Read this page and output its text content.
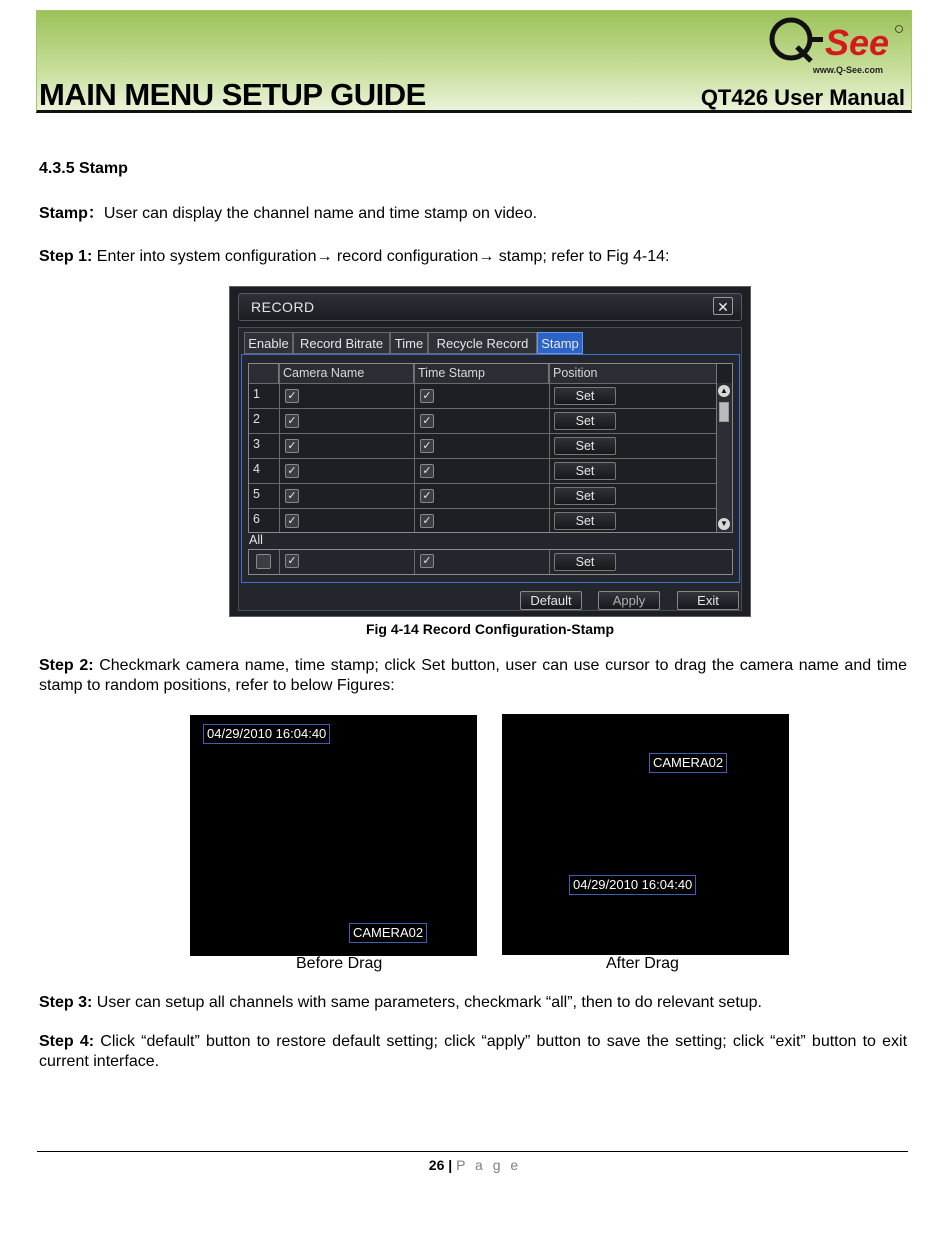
See
www.Q-See.com
MAIN MENU SETUP GUIDE	QT426 User Manual
4.3.5 Stamp
Stamp：User can display the channel name and time stamp on video.
Step 1: Enter into system configuration→ record configuration→ stamp; refer to Fig 4-14:
RECORD	✕
Enable Record Bitrate Time	Recycle Record Stamp
Camera Name	Time Stamp	Position
1 ✓	✓	Set
2 ✓	✓	Set
3 ✓	✓	Set
4 ✓	✓	Set
5 ✓	✓	Set
6 ✓	✓	Set
▲
▼
All
✓	✓	Set
Default	Apply	Exit
Fig 4-14 Record Configuration-Stamp
Step 2: Checkmark camera name, time stamp; click Set button, user can use cursor to drag the camera name and time stamp to random positions, refer to below Figures:
04/29/2010 16:04:40
CAMERA02
CAMERA02
04/29/2010 16:04:40
Before Drag	After Drag
Step 3: User can setup all channels with same parameters, checkmark “all”, then to do relevant setup.
Step 4: Click “default” button to restore default setting; click “apply” button to save the setting; click “exit” button to exit current interface.
26 | P a g e
